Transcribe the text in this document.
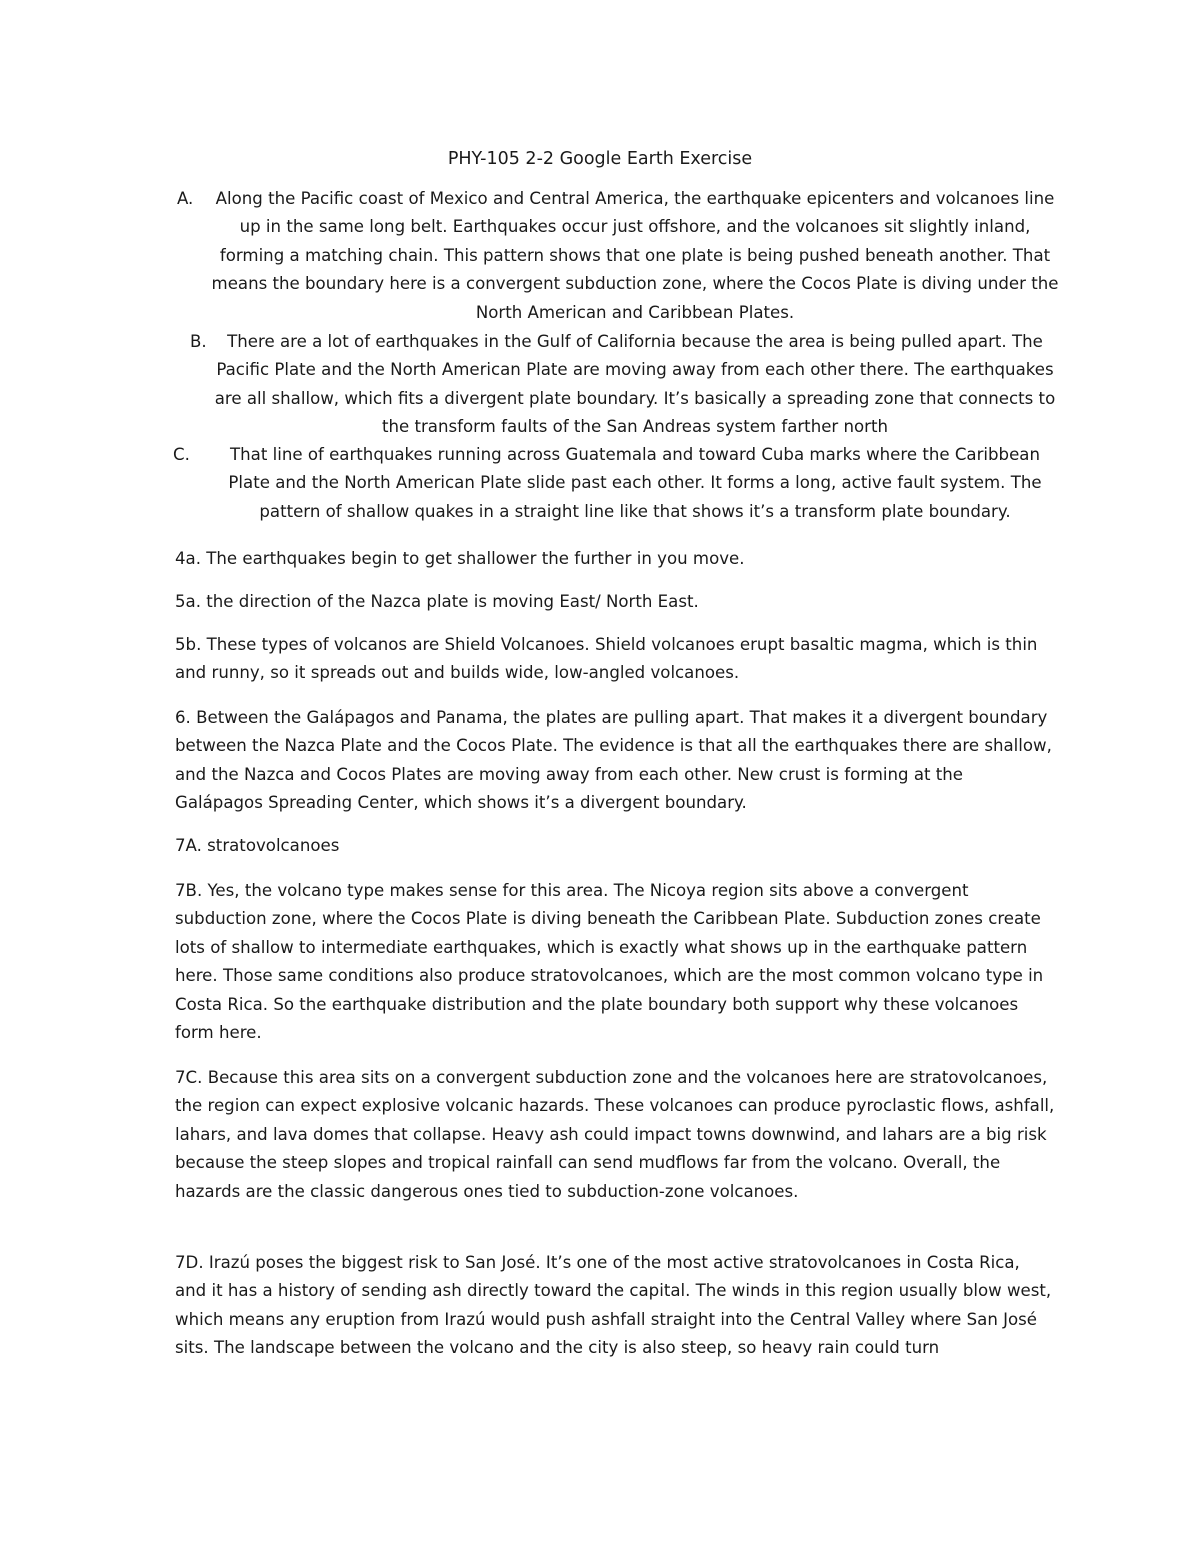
PHY-105 2-2 Google Earth Exercise
A.	Along the Pacific coast of Mexico and Central America, the earthquake epicenters and volcanoes line up in the same long belt. Earthquakes occur just offshore, and the volcanoes sit slightly inland, forming a matching chain. This pattern shows that one plate is being pushed beneath another. That means the boundary here is a convergent subduction zone, where the Cocos Plate is diving under the North American and Caribbean Plates.
B.	There are a lot of earthquakes in the Gulf of California because the area is being pulled apart. The Pacific Plate and the North American Plate are moving away from each other there. The earthquakes are all shallow, which fits a divergent plate boundary. It’s basically a spreading zone that connects to the transform faults of the San Andreas system farther north
C.	That line of earthquakes running across Guatemala and toward Cuba marks where the Caribbean Plate and the North American Plate slide past each other. It forms a long, active fault system. The pattern of shallow quakes in a straight line like that shows it’s a transform plate boundary.
4a. The earthquakes begin to get shallower the further in you move.
5a. the direction of the Nazca plate is moving East/ North East.
5b. These types of volcanos are Shield Volcanoes. Shield volcanoes erupt basaltic magma, which is thin and runny, so it spreads out and builds wide, low-angled volcanoes.
6. Between the Galápagos and Panama, the plates are pulling apart. That makes it a divergent boundary between the Nazca Plate and the Cocos Plate. The evidence is that all the earthquakes there are shallow, and the Nazca and Cocos Plates are moving away from each other. New crust is forming at the Galápagos Spreading Center, which shows it’s a divergent boundary.
7A. stratovolcanoes
7B. Yes, the volcano type makes sense for this area. The Nicoya region sits above a convergent subduction zone, where the Cocos Plate is diving beneath the Caribbean Plate. Subduction zones create lots of shallow to intermediate earthquakes, which is exactly what shows up in the earthquake pattern here. Those same conditions also produce stratovolcanoes, which are the most common volcano type in Costa Rica. So the earthquake distribution and the plate boundary both support why these volcanoes form here.
7C. Because this area sits on a convergent subduction zone and the volcanoes here are stratovolcanoes, the region can expect explosive volcanic hazards. These volcanoes can produce pyroclastic flows, ashfall, lahars, and lava domes that collapse. Heavy ash could impact towns downwind, and lahars are a big risk because the steep slopes and tropical rainfall can send mudflows far from the volcano. Overall, the hazards are the classic dangerous ones tied to subduction-zone volcanoes.
7D. Irazú poses the biggest risk to San José. It’s one of the most active stratovolcanoes in Costa Rica, and it has a history of sending ash directly toward the capital. The winds in this region usually blow west, which means any eruption from Irazú would push ashfall straight into the Central Valley where San José sits. The landscape between the volcano and the city is also steep, so heavy rain could turn
